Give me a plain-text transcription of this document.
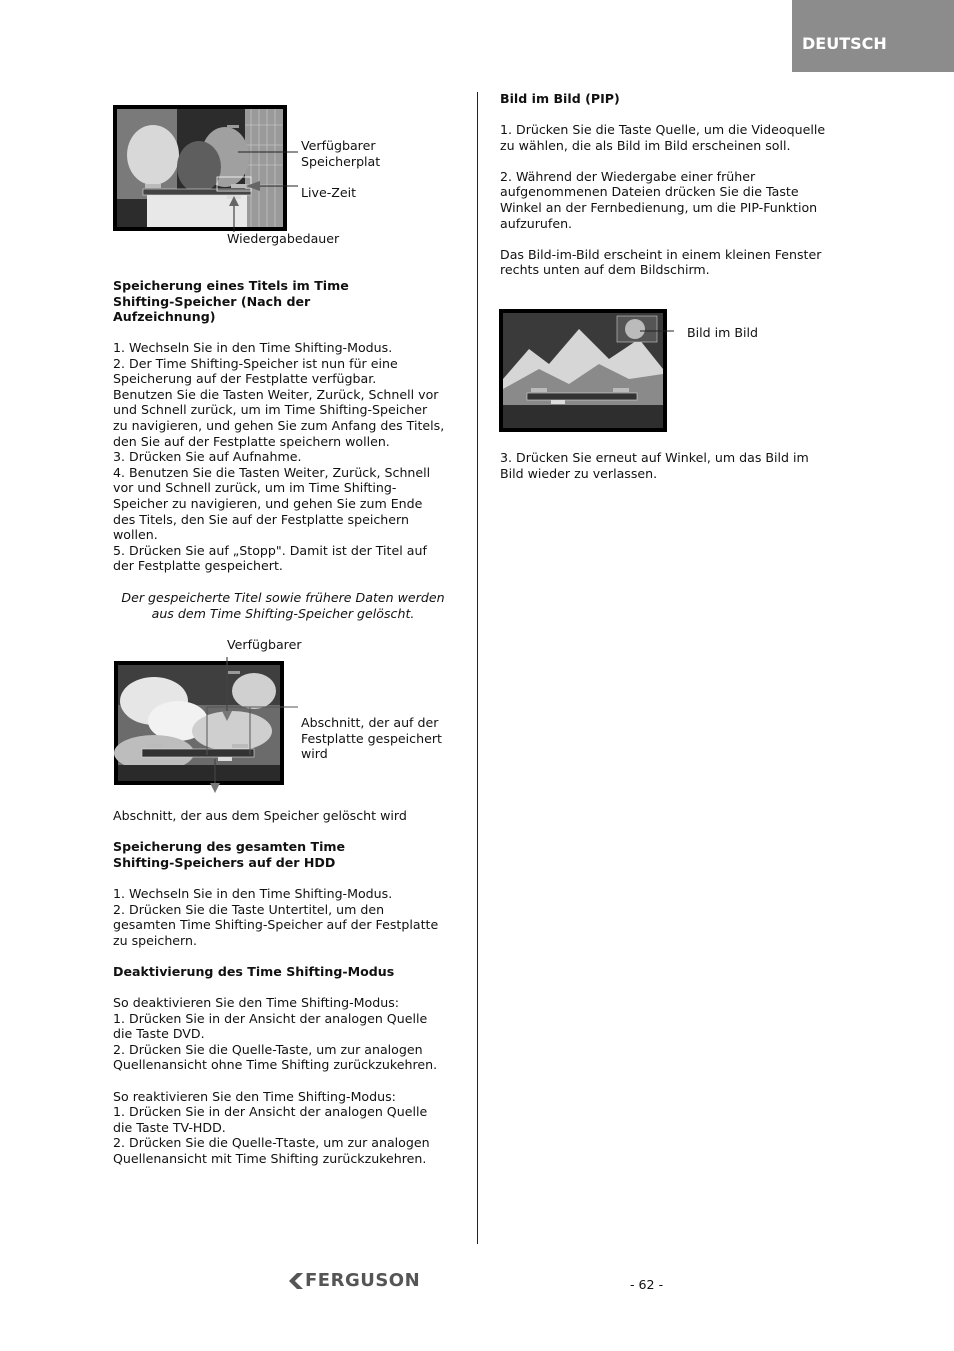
DEUTSCH

Verfügbarer
Speicherplat

Live-Zeit

Wiedergabedauer

Speicherung eines Titels im Time
Shifting-Speicher (Nach der
Aufzeichnung)

1. Wechseln Sie in den Time Shifting-Modus.
2. Der Time Shifting-Speicher ist nun für eine
Speicherung auf der Festplatte verfügbar.
Benutzen Sie die Tasten Weiter, Zurück, Schnell vor
und Schnell zurück, um im Time Shifting-Speicher
zu navigieren, und gehen Sie zum Anfang des Titels,
den Sie auf der Festplatte speichern wollen.
3. Drücken Sie auf Aufnahme.
4. Benutzen Sie die Tasten Weiter, Zurück, Schnell
vor und Schnell zurück, um im Time Shifting-
Speicher zu navigieren, und gehen Sie zum Ende
des Titels, den Sie auf der Festplatte speichern
wollen.
5. Drücken Sie auf „Stopp". Damit ist der Titel auf
der Festplatte gespeichert.

Der gespeicherte Titel sowie frühere Daten werden
aus dem Time Shifting-Speicher gelöscht.

Verfügbarer

Abschnitt, der auf der
Festplatte gespeichert
wird

Abschnitt, der aus dem Speicher gelöscht wird

Speicherung des gesamten Time
Shifting-Speichers auf der HDD

1. Wechseln Sie in den Time Shifting-Modus.
2. Drücken Sie die Taste Untertitel, um den
gesamten Time Shifting-Speicher auf der Festplatte
zu speichern.

Deaktivierung des Time Shifting-Modus

So deaktivieren Sie den Time Shifting-Modus:
1. Drücken Sie in der Ansicht der analogen Quelle
die Taste DVD.
2. Drücken Sie die Quelle-Taste, um zur analogen
Quellenansicht ohne Time Shifting zurückzukehren.

So reaktivieren Sie den Time Shifting-Modus:
1. Drücken Sie in der Ansicht der analogen Quelle
die Taste TV-HDD.
2. Drücken Sie die Quelle-Ttaste, um zur analogen
Quellenansicht mit Time Shifting zurückzukehren.

Bild im Bild (PIP)

1. Drücken Sie die Taste Quelle, um die Videoquelle
zu wählen, die als Bild im Bild erscheinen soll.

2. Während der Wiedergabe einer früher
aufgenommenen Dateien drücken Sie die Taste
Winkel an der Fernbedienung, um die PIP-Funktion
aufzurufen.

Das Bild-im-Bild erscheint in einem kleinen Fenster
rechts unten auf dem Bildschirm.

Bild im Bild

3. Drücken Sie erneut auf Winkel, um das Bild im
Bild wieder zu verlassen.

FERGUSON	- 62 -
